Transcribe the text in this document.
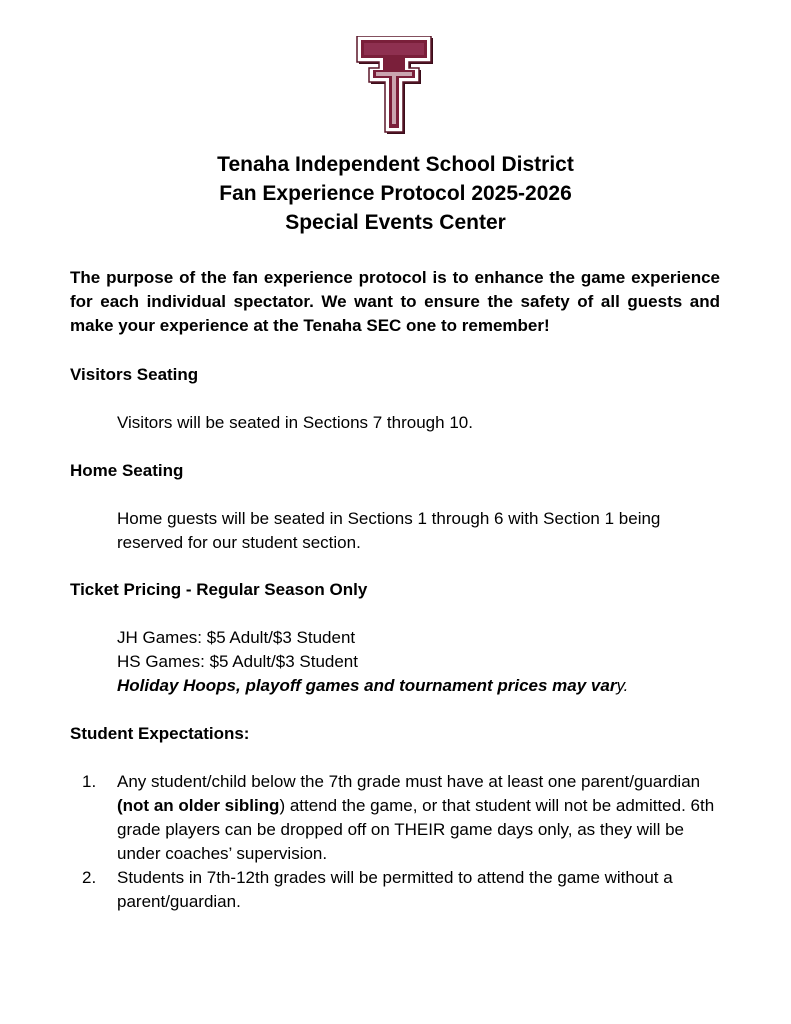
Tenaha Independent School District
Fan Experience Protocol 2025-2026
Special Events Center
The purpose of the fan experience protocol is to enhance the game experience for each individual spectator. We want to ensure the safety of all guests and make your experience at the Tenaha SEC one to remember!
Visitors Seating
Visitors will be seated in Sections 7 through 10.
Home Seating
Home guests will be seated in Sections 1 through 6 with Section 1 being reserved for our student section.
Ticket Pricing - Regular Season Only
JH Games: $5 Adult/$3 Student
HS Games: $5 Adult/$3 Student
Holiday Hoops, playoff games and tournament prices may vary.
Student Expectations:
1. Any student/child below the 7th grade must have at least one parent/guardian (not an older sibling) attend the game, or that student will not be admitted. 6th grade players can be dropped off on THEIR game days only, as they will be under coaches’ supervision.
2. Students in 7th-12th grades will be permitted to attend the game without a parent/guardian.
